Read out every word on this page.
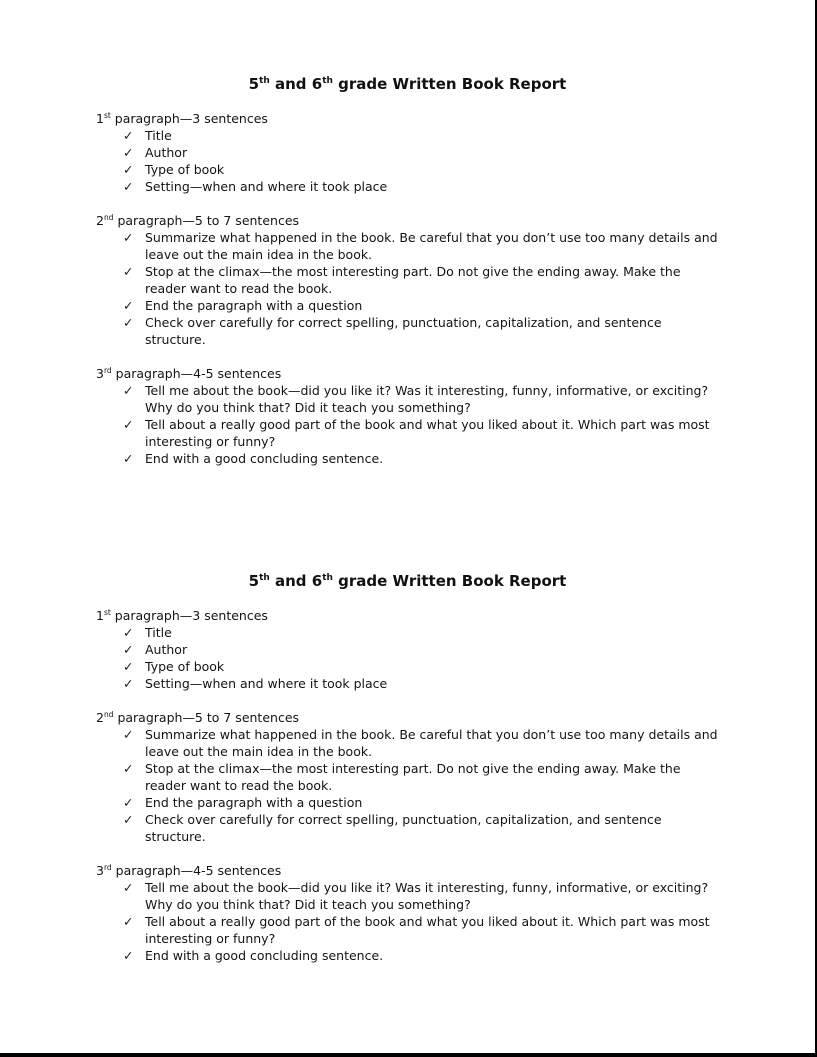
5th and 6th grade Written Book Report

1st paragraph—3 sentences

✓ Title
✓ Author
✓ Type of book
✓ Setting—when and where it took place

2nd paragraph—5 to 7 sentences

✓ Summarize what happened in the book. Be careful that you don’t use too many details and leave out the main idea in the book.
✓ Stop at the climax—the most interesting part. Do not give the ending away. Make the reader want to read the book.
✓ End the paragraph with a question
✓ Check over carefully for correct spelling, punctuation, capitalization, and sentence structure.

3rd paragraph—4-5 sentences

✓ Tell me about the book—did you like it? Was it interesting, funny, informative, or exciting? Why do you think that? Did it teach you something?
✓ Tell about a really good part of the book and what you liked about it. Which part was most interesting or funny?
✓ End with a good concluding sentence.
5th and 6th grade Written Book Report

1st paragraph—3 sentences

✓ Title
✓ Author
✓ Type of book
✓ Setting—when and where it took place

2nd paragraph—5 to 7 sentences

✓ Summarize what happened in the book. Be careful that you don’t use too many details and leave out the main idea in the book.
✓ Stop at the climax—the most interesting part. Do not give the ending away. Make the reader want to read the book.
✓ End the paragraph with a question
✓ Check over carefully for correct spelling, punctuation, capitalization, and sentence structure.

3rd paragraph—4-5 sentences

✓ Tell me about the book—did you like it? Was it interesting, funny, informative, or exciting? Why do you think that? Did it teach you something?
✓ Tell about a really good part of the book and what you liked about it. Which part was most interesting or funny?
✓ End with a good concluding sentence.
